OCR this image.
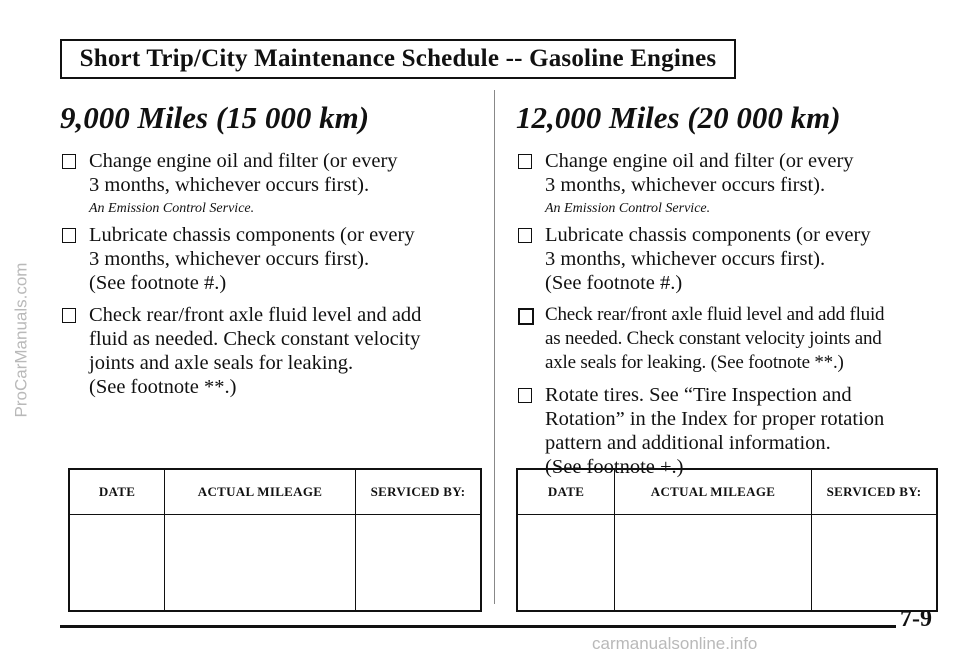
ProCarManuals.com
Short Trip/City Maintenance Schedule -- Gasoline Engines
9,000 Miles (15 000 km)
Change engine oil and filter (or every
3 months, whichever occurs first).
An Emission Control Service.
Lubricate chassis components (or every
3 months, whichever occurs first).
(See footnote #.)
Check rear/front axle fluid level and add
fluid as needed. Check constant velocity
joints and axle seals for leaking.
(See footnote **.)
12,000 Miles (20 000 km)
Change engine oil and filter (or every
3 months, whichever occurs first).
An Emission Control Service.
Lubricate chassis components (or every
3 months, whichever occurs first).
(See footnote #.)
Check rear/front axle fluid level and add fluid
as needed. Check constant velocity joints and
axle seals for leaking. (See footnote **.)
Rotate tires. See “Tire Inspection and
Rotation” in the Index for proper rotation
pattern and additional information.
(See footnote +.)
DATE	ACTUAL MILEAGE	SERVICED BY:
			DATE	ACTUAL MILEAGE	SERVICED BY:

7-9
carmanualsonline.info
